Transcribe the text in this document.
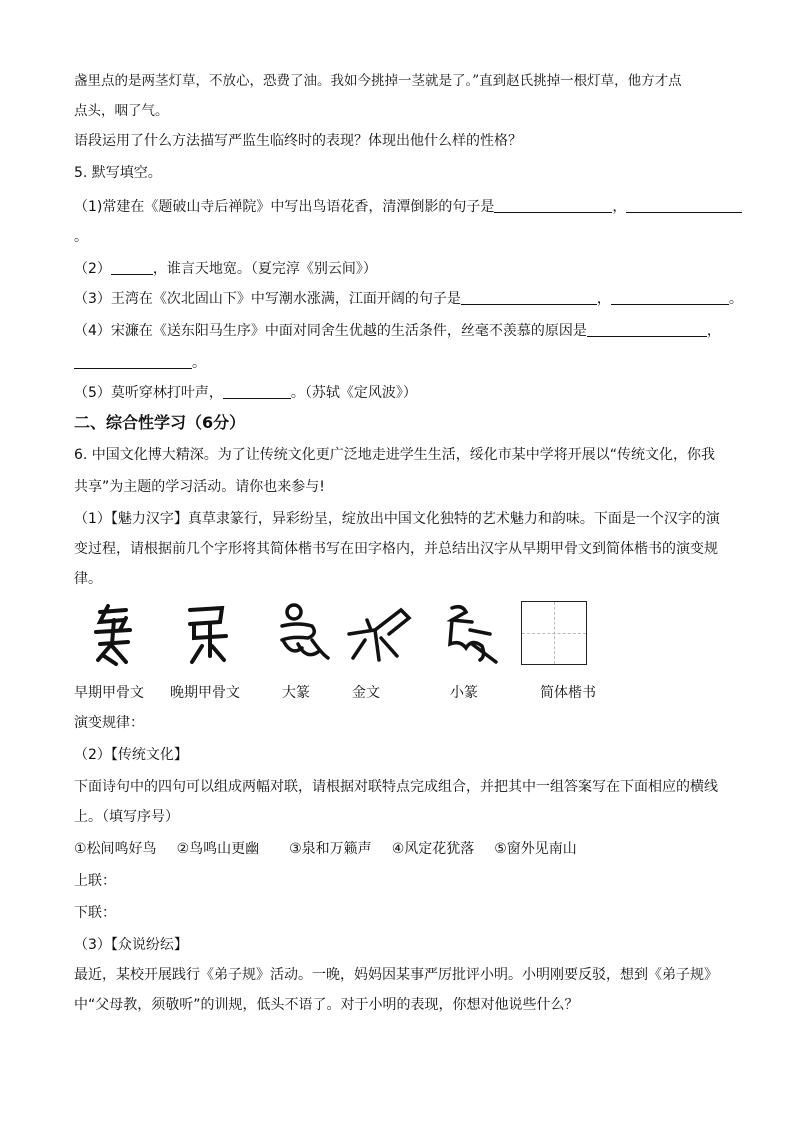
盏里点的是两茎灯草，不放心，恐费了油。我如今挑掉一茎就是了。”直到赵氏挑掉一根灯草，他方才点
点头，咽了气。
语段运用了什么方法描写严监生临终时的表现？体现出他什么样的性格？
5. 默写填空。
（1)常建在《题破山寺后禅院》中写出鸟语花香，清潭倒影的句子是	，
。
（2）	，谁言天地宽。（夏完淳《别云间》）
（3）王湾在《次北固山下》中写潮水涨满，江面开阔的句子是	，	。
（4）宋濂在《送东阳马生序》中面对同舍生优越的生活条件，丝毫不羡慕的原因是	，
。
（5）莫听穿林打叶声，	。（苏轼《定风波》）
二、综合性学习（6分）
6. 中国文化博大精深。为了让传统文化更广泛地走进学生生活，绥化市某中学将开展以“传统文化，你我
共享”为主题的学习活动。请你也来参与!
（1）【魅力汉字】真草隶篆行，异彩纷呈，绽放出中国文化独特的艺术魅力和韵味。下面是一个汉字的演
变过程，请根据前几个字形将其简体楷书写在田字格内，并总结出汉字从早期甲骨文到简体楷书的演变规
律。
早期甲骨文 晚期甲骨文	大篆	金文	小篆	简体楷书
演变规律：
（2）【传统文化】
下面诗句中的四句可以组成两幅对联，请根据对联特点完成组合，并把其中一组答案写在下面相应的横线
上。（填写序号）
①松间鸣好鸟 ②鸟鸣山更幽 ③泉和万籁声 ④风定花犹落 ⑤窗外见南山
上联：
下联：
（3）【众说纷纭】
最近，某校开展践行《弟子规》活动。一晚，妈妈因某事严厉批评小明。小明刚要反驳，想到《弟子规》
中“父母教，须敬听”的训规，低头不语了。对于小明的表现，你想对他说些什么？
